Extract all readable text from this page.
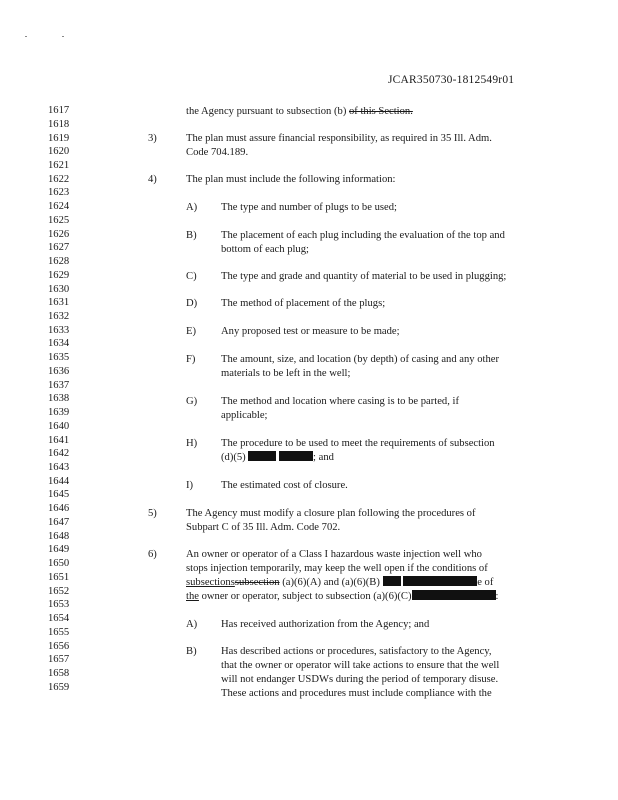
JCAR350730-1812549r01
1617
1618
1619
1620
1621
1622
1623
1624
1625
1626
1627
1628
1629
1630
1631
1632
1633
1634
1635
1636
1637
1638
1639
1640
1641
1642
1643
1644
1645
1646
1647
1648
1649
1650
1651
1652
1653
1654
1655
1656
1657
1658
1659
the Agency pursuant to subsection (b) of this Section.
3)	The plan must assure financial responsibility, as required in 35 Ill. Adm.
Code 704.189.
4)	The plan must include the following information:
A) The type and number of plugs to be used;
B) The placement of each plug including the evaluation of the top and
bottom of each plug;
C) The type and grade and quantity of material to be used in plugging;
D) The method of placement of the plugs;
E) Any proposed test or measure to be made;
F) The amount, size, and location (by depth) of casing and any other
materials to be left in the well;
G) The method and location where casing is to be parted, if
applicable;
H) The procedure to be used to meet the requirements of subsection
(d)(5)	; and
I)	The estimated cost of closure.
5)	The Agency must modify a closure plan following the procedures of
Subpart C of 35 Ill. Adm. Code 702.
6)	An owner or operator of a Class I hazardous waste injection well who
stops injection temporarily, may keep the well open if the conditions of
subsectionssubsection (a)(6)(A) and (a)(6)(B)	e of
the owner or operator, subject to subsection (a)(6)(C)	:
A) Has received authorization from the Agency; and
B) Has described actions or procedures, satisfactory to the Agency,
that the owner or operator will take actions to ensure that the well
will not endanger USDWs during the period of temporary disuse.
These actions and procedures must include compliance with the
